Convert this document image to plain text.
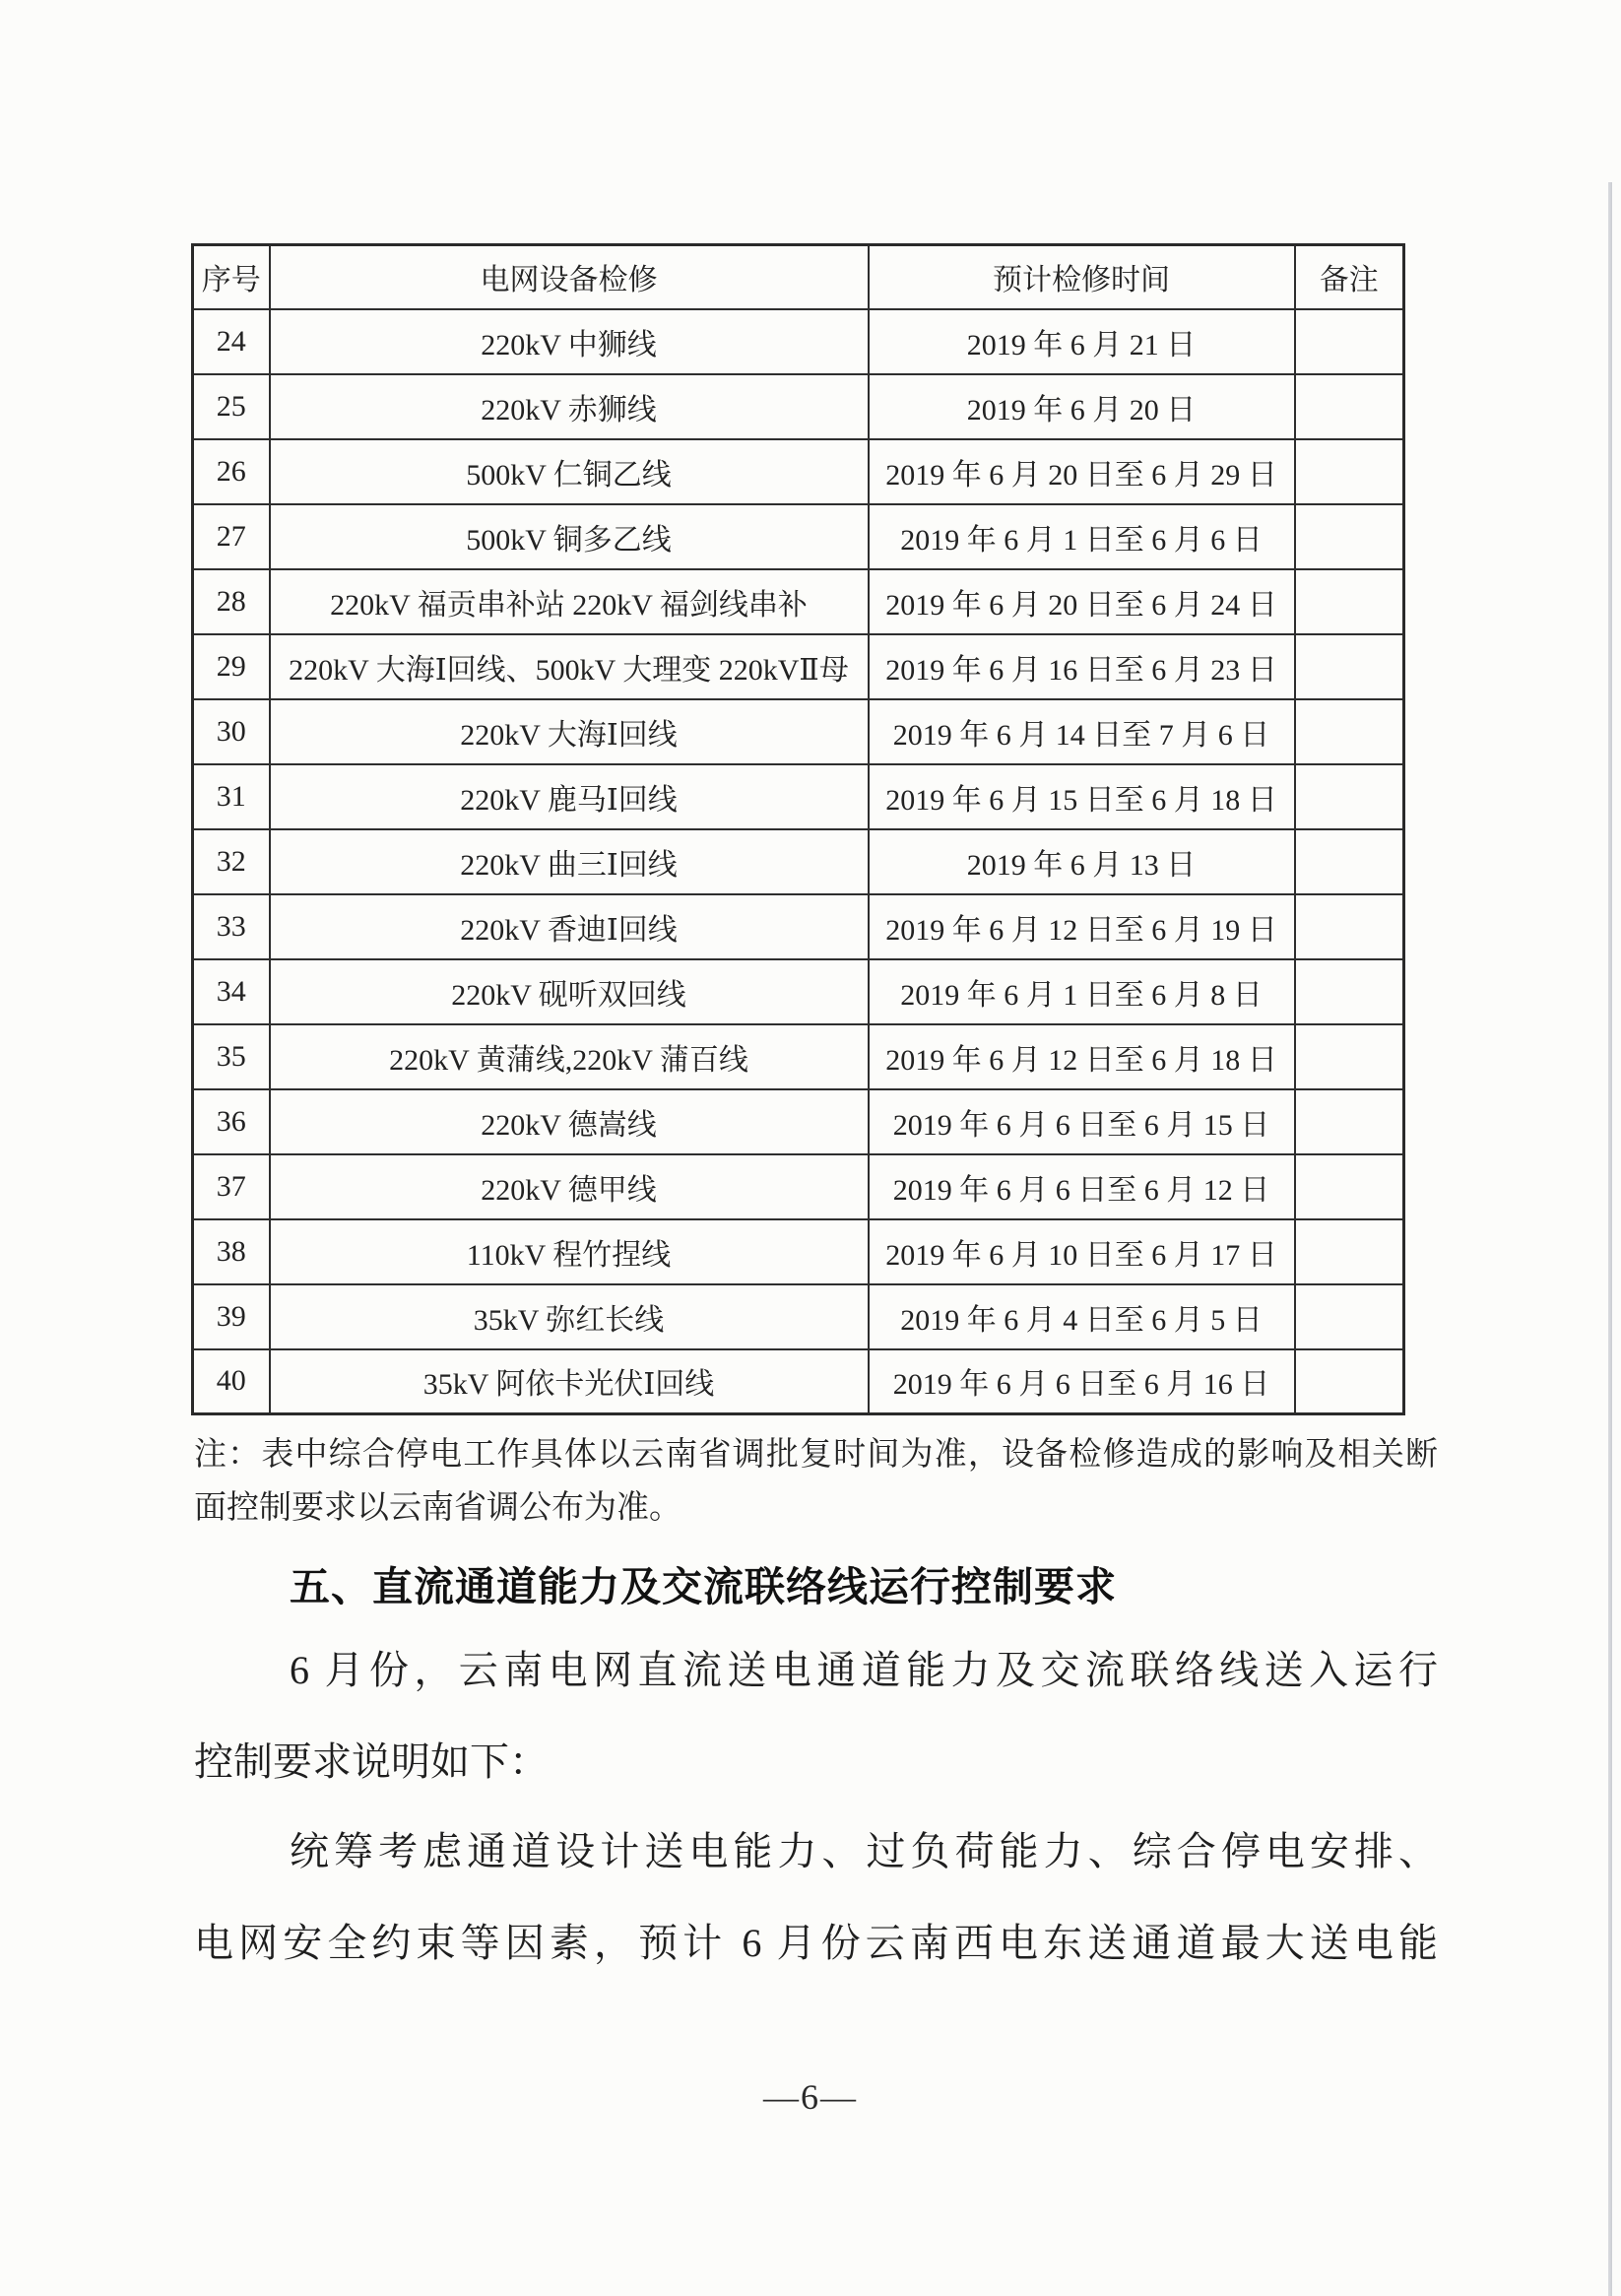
序号	电网设备检修	预计检修时间	备注
24	220kV 中狮线	2019 年 6 月 21 日	
25	220kV 赤狮线	2019 年 6 月 20 日	
26	500kV 仁铜乙线	2019 年 6 月 20 日至 6 月 29 日	
27	500kV 铜多乙线	2019 年 6 月 1 日至 6 月 6 日	
28	220kV 福贡串补站 220kV 福剑线串补	2019 年 6 月 20 日至 6 月 24 日	
29	220kV 大海Ⅰ回线、500kV 大理变 220kVⅡ母	2019 年 6 月 16 日至 6 月 23 日	
30	220kV 大海Ⅰ回线	2019 年 6 月 14 日至 7 月 6 日	
31	220kV 鹿马Ⅰ回线	2019 年 6 月 15 日至 6 月 18 日	
32	220kV 曲三Ⅰ回线	2019 年 6 月 13 日	
33	220kV 香迪Ⅰ回线	2019 年 6 月 12 日至 6 月 19 日	
34	220kV 砚听双回线	2019 年 6 月 1 日至 6 月 8 日	
35	220kV 黄蒲线,220kV 蒲百线	2019 年 6 月 12 日至 6 月 18 日	
36	220kV 德嵩线	2019 年 6 月 6 日至 6 月 15 日	
37	220kV 德甲线	2019 年 6 月 6 日至 6 月 12 日	
38	110kV 程竹捏线	2019 年 6 月 10 日至 6 月 17 日	
39	35kV 弥红长线	2019 年 6 月 4 日至 6 月 5 日	
40	35kV 阿依卡光伏Ⅰ回线	2019 年 6 月 6 日至 6 月 16 日	
注：表中综合停电工作具体以云南省调批复时间为准，设备检修造成的影响及相关断
面控制要求以云南省调公布为准。
五、直流通道能力及交流联络线运行控制要求
6 月份，云南电网直流送电通道能力及交流联络线送入运行
控制要求说明如下：
统筹考虑通道设计送电能力、过负荷能力、综合停电安排、
电网安全约束等因素，预计 6 月份云南西电东送通道最大送电能
—6—
